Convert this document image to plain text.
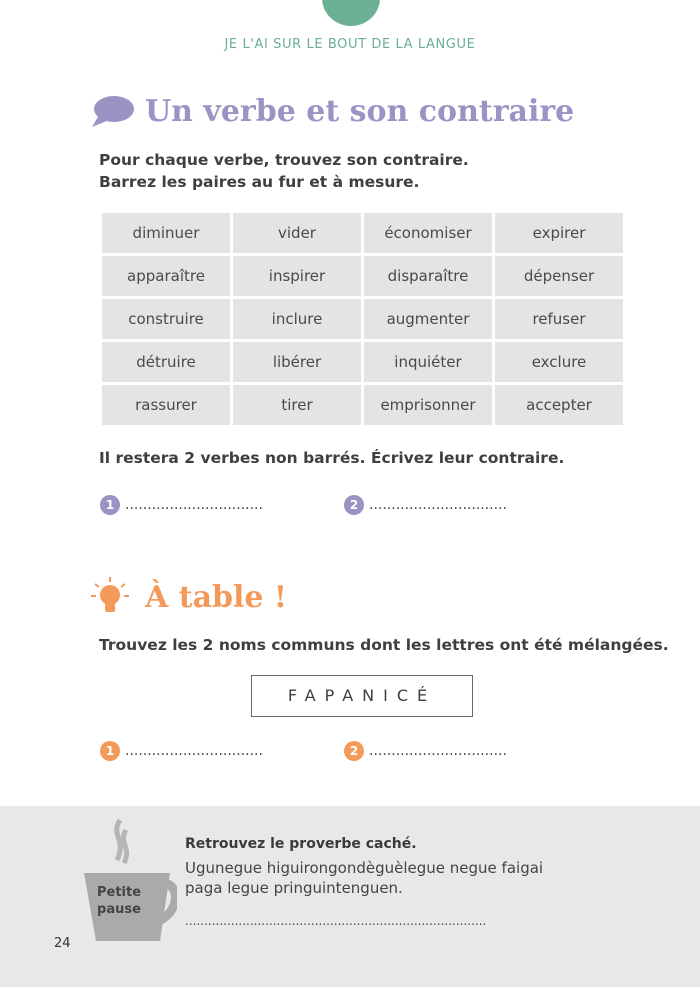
JE L'AI SUR LE BOUT DE LA LANGUE
Un verbe et son contraire
Pour chaque verbe, trouvez son contraire.
Barrez les paires au fur et à mesure.
diminuer	vider	économiser	expirer
apparaître	inspirer	disparaître	dépenser
construire	inclure	augmenter	refuser
détruire	libérer	inquiéter	exclure
rassurer	tirer	emprisonner	accepter
Il restera 2 verbes non barrés. Écrivez leur contraire.
1 ...............................	2 ...............................
À table !
Trouvez les 2 noms communs dont les lettres ont été mélangées.
FAPANICÉ
1 ...............................	2 ...............................
Petite
pause
Retrouvez le proverbe caché.
Ugunegue higuirongondèguèlegue negue faigai
paga legue pringuintenguen.
...............................................................................
24
